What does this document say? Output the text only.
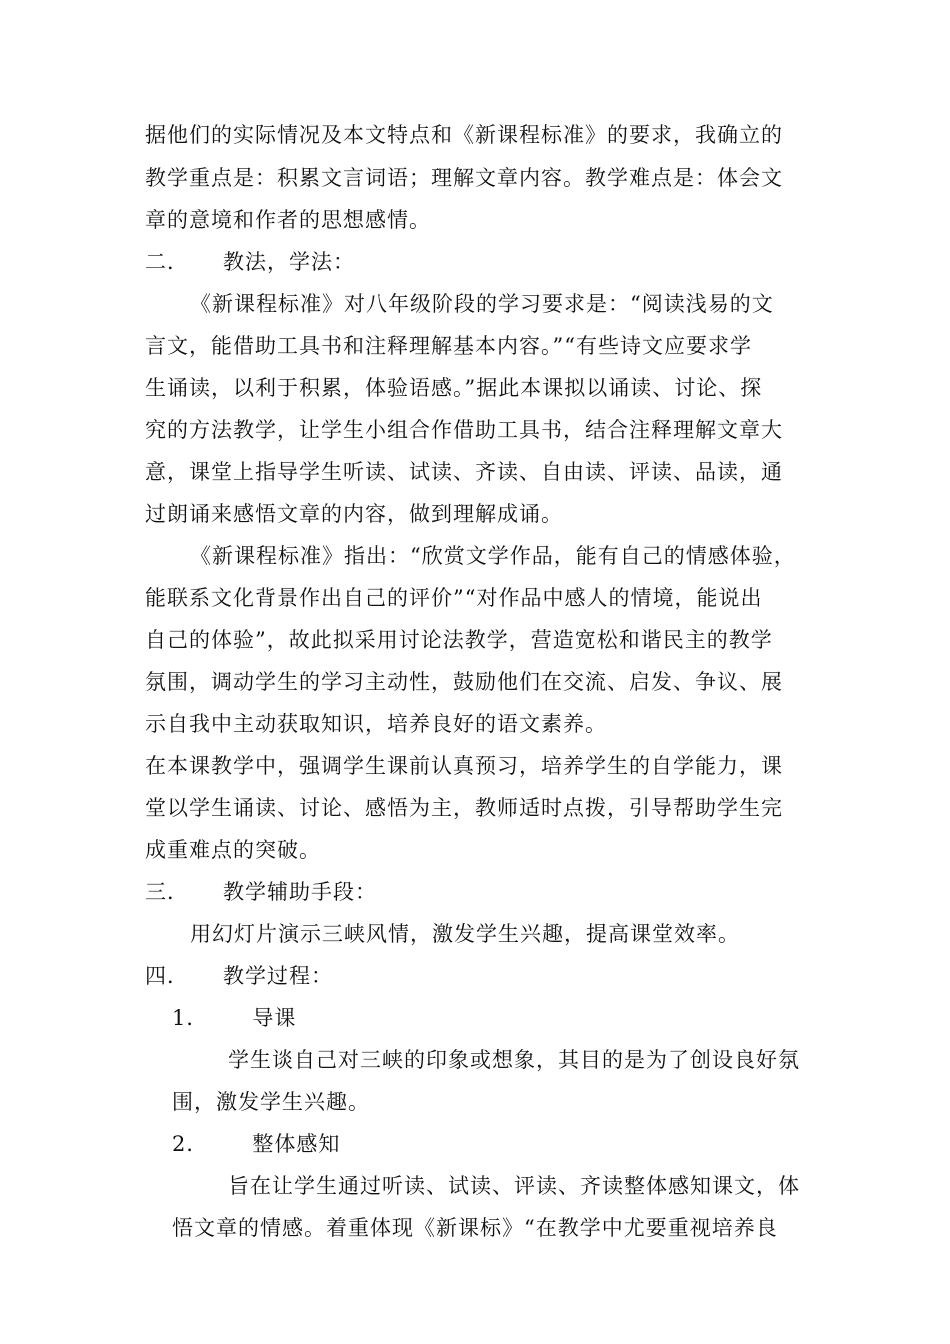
据他们的实际情况及本文特点和《新课程标准》的要求，我确立的
教学重点是：积累文言词语；理解文章内容。教学难点是：体会文
章的意境和作者的思想感情。
二． 教法，学法：
《新课程标准》对八年级阶段的学习要求是：“阅读浅易的文
言文，能借助工具书和注释理解基本内容。”“有些诗文应要求学
生诵读，以利于积累，体验语感。”据此本课拟以诵读、讨论、探
究的方法教学，让学生小组合作借助工具书，结合注释理解文章大
意，课堂上指导学生听读、试读、齐读、自由读、评读、品读，通
过朗诵来感悟文章的内容，做到理解成诵。
《新课程标准》指出：“欣赏文学作品，能有自己的情感体验，
能联系文化背景作出自己的评价”“对作品中感人的情境，能说出
自己的体验”，故此拟采用讨论法教学，营造宽松和谐民主的教学
氛围，调动学生的学习主动性，鼓励他们在交流、启发、争议、展
示自我中主动获取知识，培养良好的语文素养。
在本课教学中，强调学生课前认真预习，培养学生的自学能力，课
堂以学生诵读、讨论、感悟为主，教师适时点拨，引导帮助学生完
成重难点的突破。
三． 教学辅助手段：
用幻灯片演示三峡风情，激发学生兴趣，提高课堂效率。
四． 教学过程：
1． 导课
学生谈自己对三峡的印象或想象，其目的是为了创设良好氛
围，激发学生兴趣。
2． 整体感知
旨在让学生通过听读、试读、评读、齐读整体感知课文，体
悟文章的情感。着重体现《新课标》“在教学中尤要重视培养良
